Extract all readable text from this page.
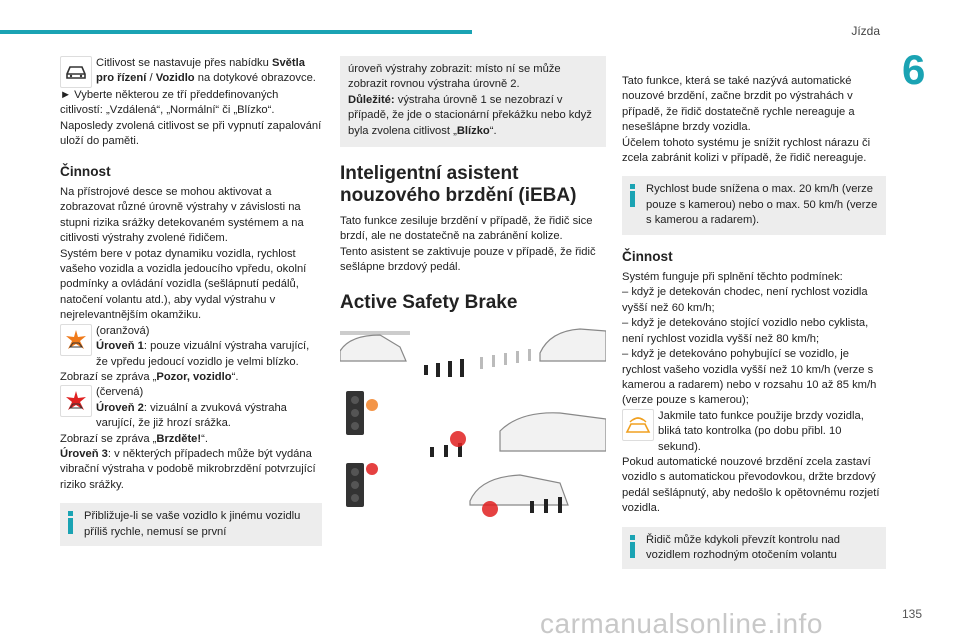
Jízda
6

Citlivost se nastavuje přes nabídku Světla pro řízení / Vozidlo na dotykové obrazovce.

► Vyberte některou ze tří předdefinovaných citlivostí: „Vzdálená“, „Normální“ či „Blízko“.

Naposledy zvolená citlivost se při vypnutí zapalování uloží do paměti.

Činnost

Na přístrojové desce se mohou aktivovat a zobrazovat různé úrovně výstrahy v závislosti na stupni rizika srážky detekovaném systémem a na citlivosti výstrahy zvolené řidičem.

Systém bere v potaz dynamiku vozidla, rychlost vašeho vozidla a vozidla jedoucího vpředu, okolní podmínky a ovládání vozidla (sešlápnutí pedálů, natočení volantu atd.), aby vydal výstrahu v nejrelevantnějším okamžiku.

(oranžová)
Úroveň 1: pouze vizuální výstraha varující, že vpředu jedoucí vozidlo je velmi blízko.

Zobrazí se zpráva „Pozor, vozidlo“.

(červená)
Úroveň 2: vizuální a zvuková výstraha varující, že již hrozí srážka.

Zobrazí se zpráva „Brzděte!“.

Úroveň 3: v některých případech může být vydána vibrační výstraha v podobě mikrobrzdění potvrzující riziko srážky.

Přibližuje-li se vaše vozidlo k jinému vozidlu příliš rychle, nemusí se první

úroveň výstrahy zobrazit: místo ní se může zobrazit rovnou výstraha úrovně 2.

Důležité: výstraha úrovně 1 se nezobrazí v případě, že jde o stacionární překážku nebo když byla zvolena citlivost „Blízko“.

Inteligentní asistent nouzového brzdění (iEBA)

Tato funkce zesiluje brzdění v případě, že řidič sice brzdí, ale ne dostatečně na zabránění kolize.

Tento asistent se zaktivuje pouze v případě, že řidič sešlápne brzdový pedál.

Active Safety Brake

Tato funkce, která se také nazývá automatické nouzové brzdění, začne brzdit po výstrahách v případě, že řidič dostatečně rychle nereaguje a nesešlápne brzdy vozidla.

Účelem tohoto systému je snížit rychlost nárazu či zcela zabránit kolizi v případě, že řidič nereaguje.

Rychlost bude snížena o max. 20 km/h (verze pouze s kamerou) nebo o max. 50 km/h (verze s kamerou a radarem).

Činnost

Systém funguje při splnění těchto podmínek:

– když je detekován chodec, není rychlost vozidla vyšší než 60 km/h;

– když je detekováno stojící vozidlo nebo cyklista, není rychlost vozidla vyšší než 80 km/h;

– když je detekováno pohybující se vozidlo, je rychlost vašeho vozidla vyšší než 10 km/h (verze s kamerou a radarem) nebo v rozsahu 10 až 85 km/h (verze pouze s kamerou);

Jakmile tato funkce použije brzdy vozidla, bliká tato kontrolka (po dobu přibl. 10 sekund).

Pokud automatické nouzové brzdění zcela zastaví vozidlo s automatickou převodovkou, držte brzdový pedál sešlápnutý, aby nedošlo k opětovnému rozjetí vozidla.

Řidič může kdykoli převzít kontrolu nad vozidlem rozhodným otočením volantu

carmanualsonline.info	135
